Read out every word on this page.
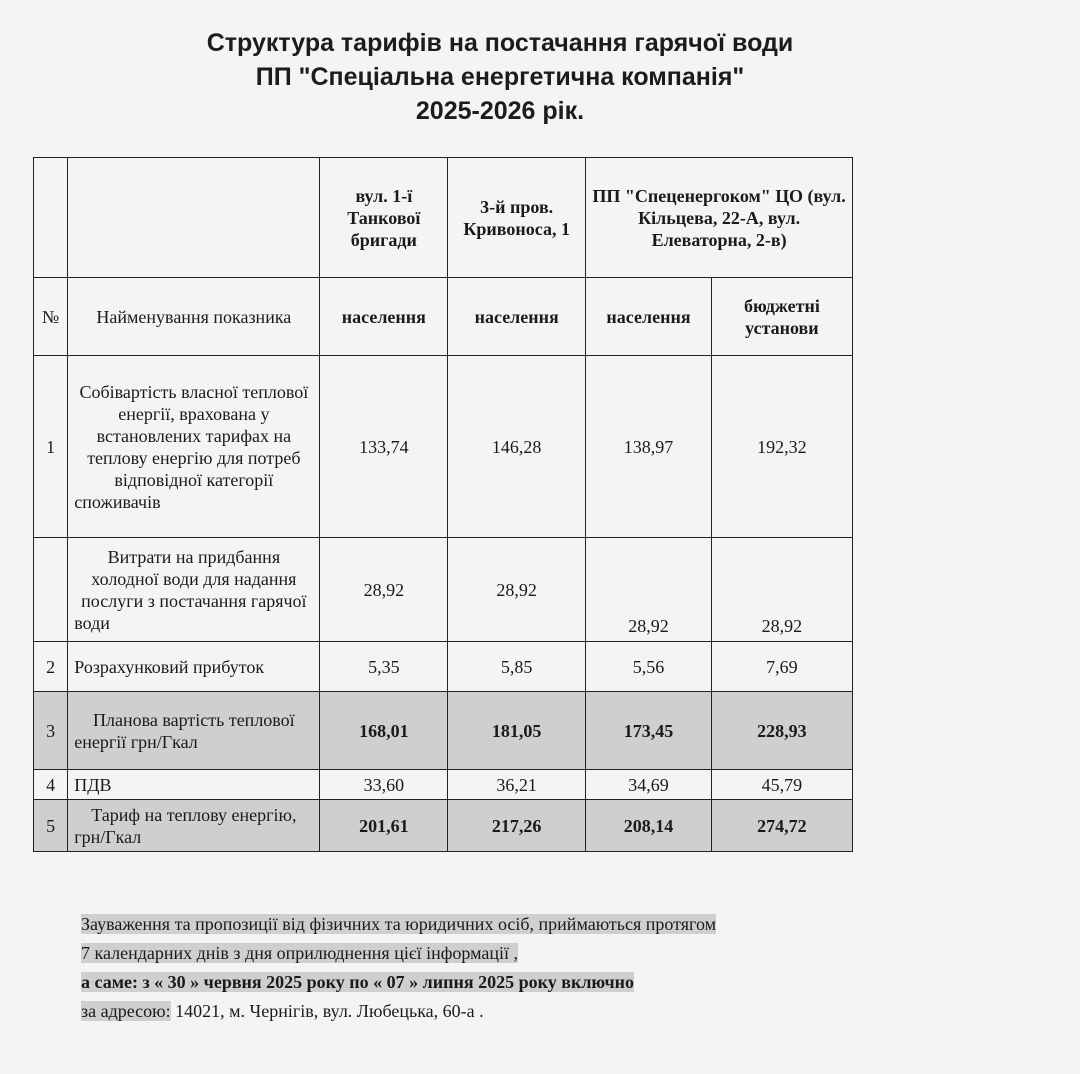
Структура тарифів на постачання гарячої води
ПП "Спеціальна енергетична компанія"
2025-2026 рік.
		вул. 1-ї Танкової бригади	3-й пров. Кривоноса, 1	ПП "Спеценергоком" ЦО (вул. Кільцева, 22-А, вул. Елеваторна, 2-в)	
№	Найменування показника	населення	населення	населення	бюджетні установи
1	Собівартість власної теплової енергії, врахована у встановлених тарифах на теплову енергію для потреб відповідної категорії споживачів	133,74	146,28	138,97	192,32
	Витрати на придбання холодної води для надання послуги з постачання гарячої води	28,92	28,92	28,92	28,92
2	Розрахунковий прибуток	5,35	5,85	5,56	7,69
3	Планова вартість теплової енергії грн/Гкал	168,01	181,05	173,45	228,93
4	ПДВ	33,60	36,21	34,69	45,79
5	Тариф на теплову енергію, грн/Гкал	201,61	217,26	208,14	274,72
Зауваження та пропозиції від фізичних та юридичних осіб, приймаються протягом
7 календарних днів з дня оприлюднення цієї інформації ,
а саме: з « 30 » червня 2025 року по « 07 » липня 2025 року включно
за адресою: 14021, м. Чернігів, вул. Любецька, 60-а .
